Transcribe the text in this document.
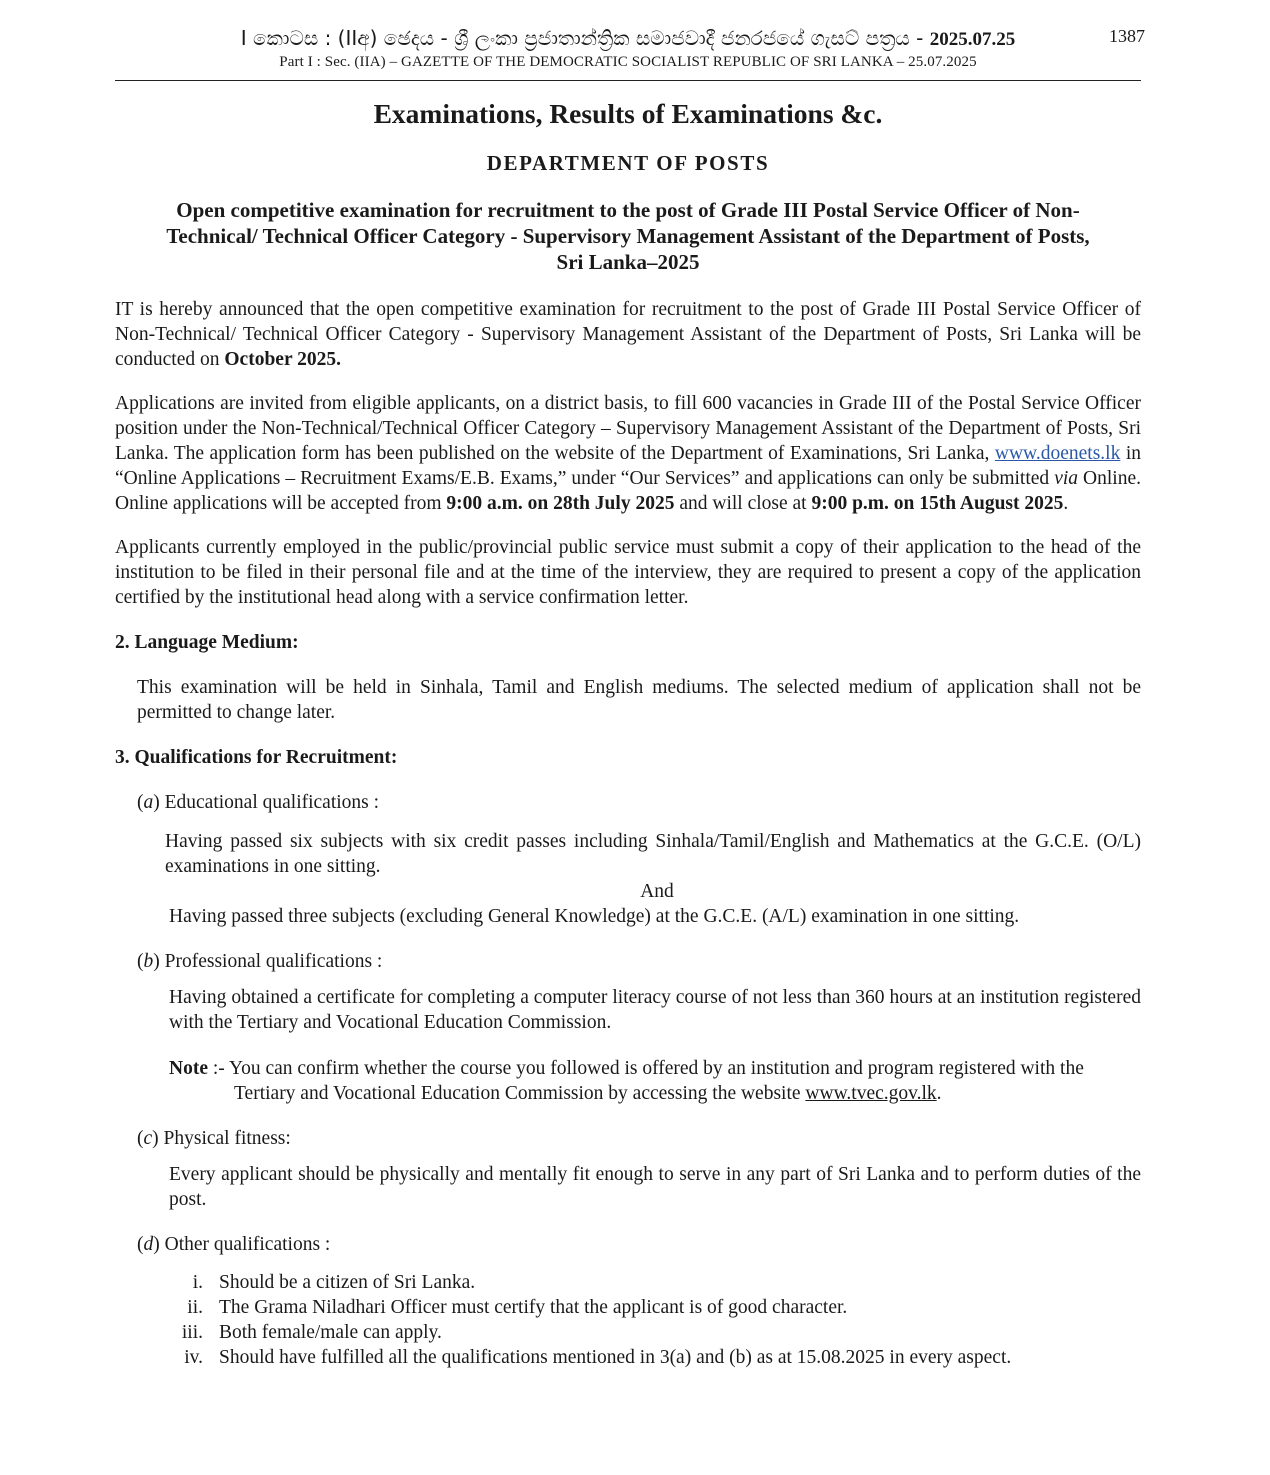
I කොටස : (IIඅ) ඡෙදය - ශ්‍රී ලංකා ප්‍රජාතාන්ත්‍රික සමාජවාදී ජනරජයේ ගැසට් පත්‍රය - 2025.07.25
Part I : Sec. (IIA) – GAZETTE OF THE DEMOCRATIC SOCIALIST REPUBLIC OF SRI LANKA – 25.07.2025
1387
Examinations, Results of Examinations &c.
DEPARTMENT OF POSTS
Open competitive examination for recruitment to the post of Grade III Postal Service Officer of Non-
Technical/ Technical Officer Category - Supervisory Management Assistant of the Department of Posts,
Sri Lanka–2025

IT is hereby announced that the open competitive examination for recruitment to the post of Grade III Postal Service Officer of Non-Technical/ Technical Officer Category - Supervisory Management Assistant of the Department of Posts, Sri Lanka will be conducted on October 2025.

Applications are invited from eligible applicants, on a district basis, to fill 600 vacancies in Grade III of the Postal Service Officer position under the Non-Technical/Technical Officer Category – Supervisory Management Assistant of the Department of Posts, Sri Lanka. The application form has been published on the website of the Department of Examinations, Sri Lanka, www.doenets.lk in “Online Applications – Recruitment Exams/E.B. Exams,” under “Our Services” and applications can only be submitted via Online. Online applications will be accepted from 9:00 a.m. on 28th July 2025 and will close at 9:00 p.m. on 15th August 2025.

Applicants currently employed in the public/provincial public service must submit a copy of their application to the head of the institution to be filed in their personal file and at the time of the interview, they are required to present a copy of the application certified by the institutional head along with a service confirmation letter.

2. Language Medium:

This examination will be held in Sinhala, Tamil and English mediums. The selected medium of application shall not be permitted to change later.

3. Qualifications for Recruitment:
(a) Educational qualifications :

Having passed six subjects with six credit passes including Sinhala/Tamil/English and Mathematics at the G.C.E. (O/L) examinations in one sitting.

And

Having passed three subjects (excluding General Knowledge) at the G.C.E. (A/L) examination in one sitting.

(b) Professional qualifications :

Having obtained a certificate for completing a computer literacy course of not less than 360 hours at an institution registered with the Tertiary and Vocational Education Commission.

Note :- You can confirm whether the course you followed is offered by an institution and program registered with the
Tertiary and Vocational Education Commission by accessing the website www.tvec.gov.lk.
(c) Physical fitness:

Every applicant should be physically and mentally fit enough to serve in any part of Sri Lanka and to perform duties of the post.

(d) Other qualifications :
i. Should be a citizen of Sri Lanka.
ii. The Grama Niladhari Officer must certify that the applicant is of good character.
iii. Both female/male can apply.
iv. Should have fulfilled all the qualifications mentioned in 3(a) and (b) as at 15.08.2025 in every aspect.
